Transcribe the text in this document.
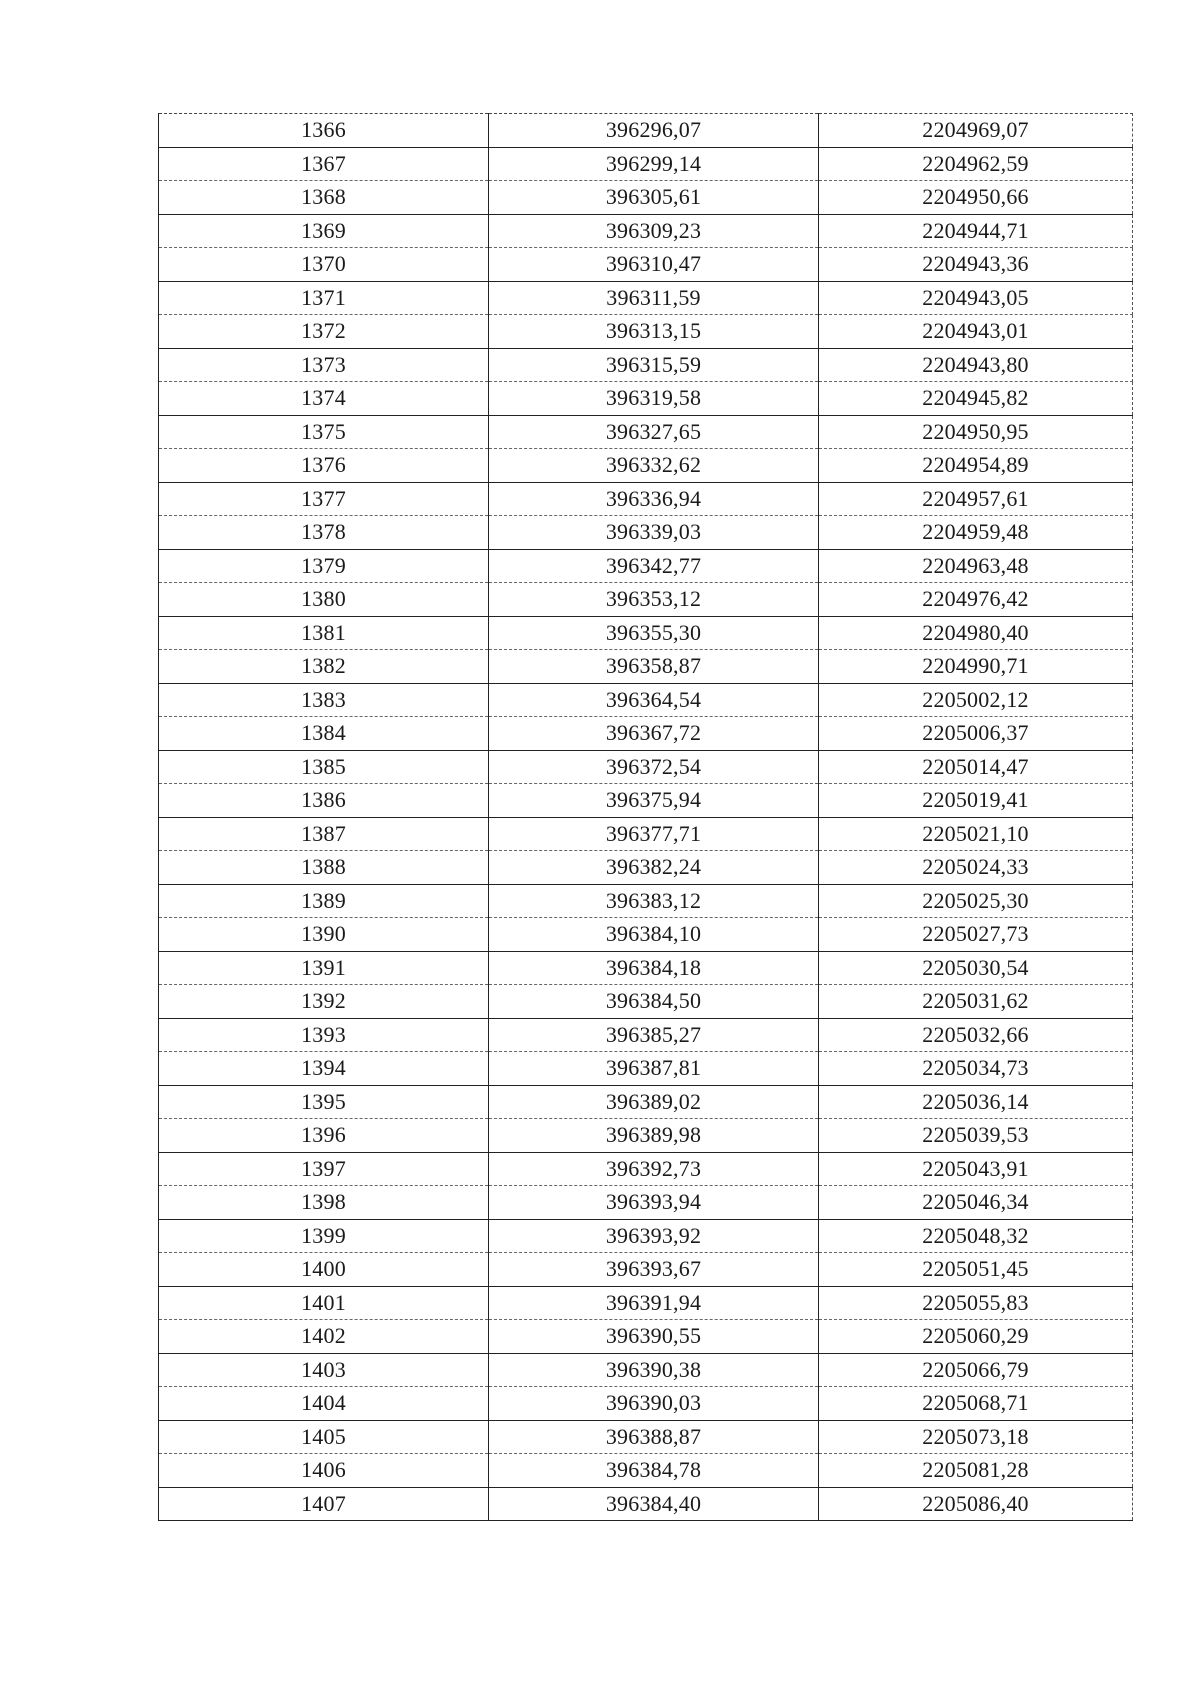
1366	396296,07	2204969,07
1367	396299,14	2204962,59
1368	396305,61	2204950,66
1369	396309,23	2204944,71
1370	396310,47	2204943,36
1371	396311,59	2204943,05
1372	396313,15	2204943,01
1373	396315,59	2204943,80
1374	396319,58	2204945,82
1375	396327,65	2204950,95
1376	396332,62	2204954,89
1377	396336,94	2204957,61
1378	396339,03	2204959,48
1379	396342,77	2204963,48
1380	396353,12	2204976,42
1381	396355,30	2204980,40
1382	396358,87	2204990,71
1383	396364,54	2205002,12
1384	396367,72	2205006,37
1385	396372,54	2205014,47
1386	396375,94	2205019,41
1387	396377,71	2205021,10
1388	396382,24	2205024,33
1389	396383,12	2205025,30
1390	396384,10	2205027,73
1391	396384,18	2205030,54
1392	396384,50	2205031,62
1393	396385,27	2205032,66
1394	396387,81	2205034,73
1395	396389,02	2205036,14
1396	396389,98	2205039,53
1397	396392,73	2205043,91
1398	396393,94	2205046,34
1399	396393,92	2205048,32
1400	396393,67	2205051,45
1401	396391,94	2205055,83
1402	396390,55	2205060,29
1403	396390,38	2205066,79
1404	396390,03	2205068,71
1405	396388,87	2205073,18
1406	396384,78	2205081,28
1407	396384,40	2205086,40
